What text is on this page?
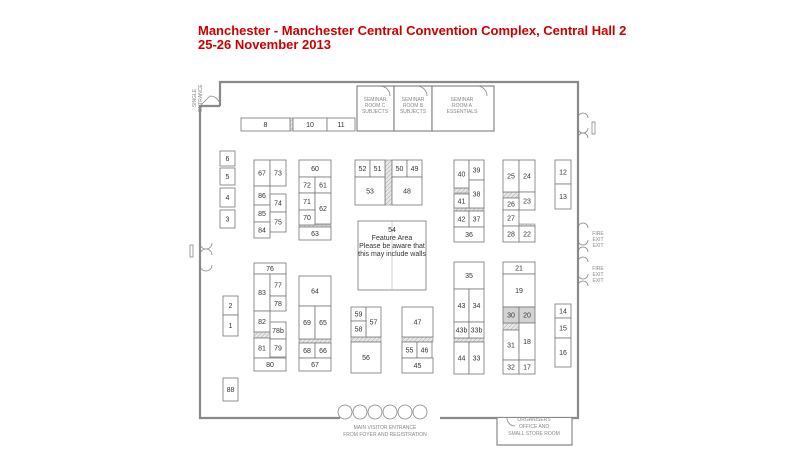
Manchester - Manchester Central Convention Complex, Central Hall 2
25-26 November 2013
SEMINAR
ROOM C
SUBJECTS
SEMINAR
ROOM B
SUBJECTS
SEMINAR
ROOM A
ESSENTIALS
SINGLE ENTRANCE
FIRE
EXIT
EXIT
FIRE
EXIT
EXIT
MAIN VISITOR ENTRANCE
FROM FOYER AND REGISTRATION
ORGANISERS
OFFICE AND
SMALL STORE ROOM
54
Feature Area
Please be aware that
this may include walls
8	10	11
6
5
4
3
67 73
86
74
85
75
84
60
72 61
71
62
70
63
52 51 50 49
53	48
40
39
38
41
42 37
36
25 24
23
26
27
28 22
12
13
76
83
77
78
82
78b
81 79
80
64
69 65
68 66
67
59
57
58
56
47
55 46
45
35
43 34
43b 33b
44 33
21
19
30 20
31 18
32 17
14
15
16
2
1
88
